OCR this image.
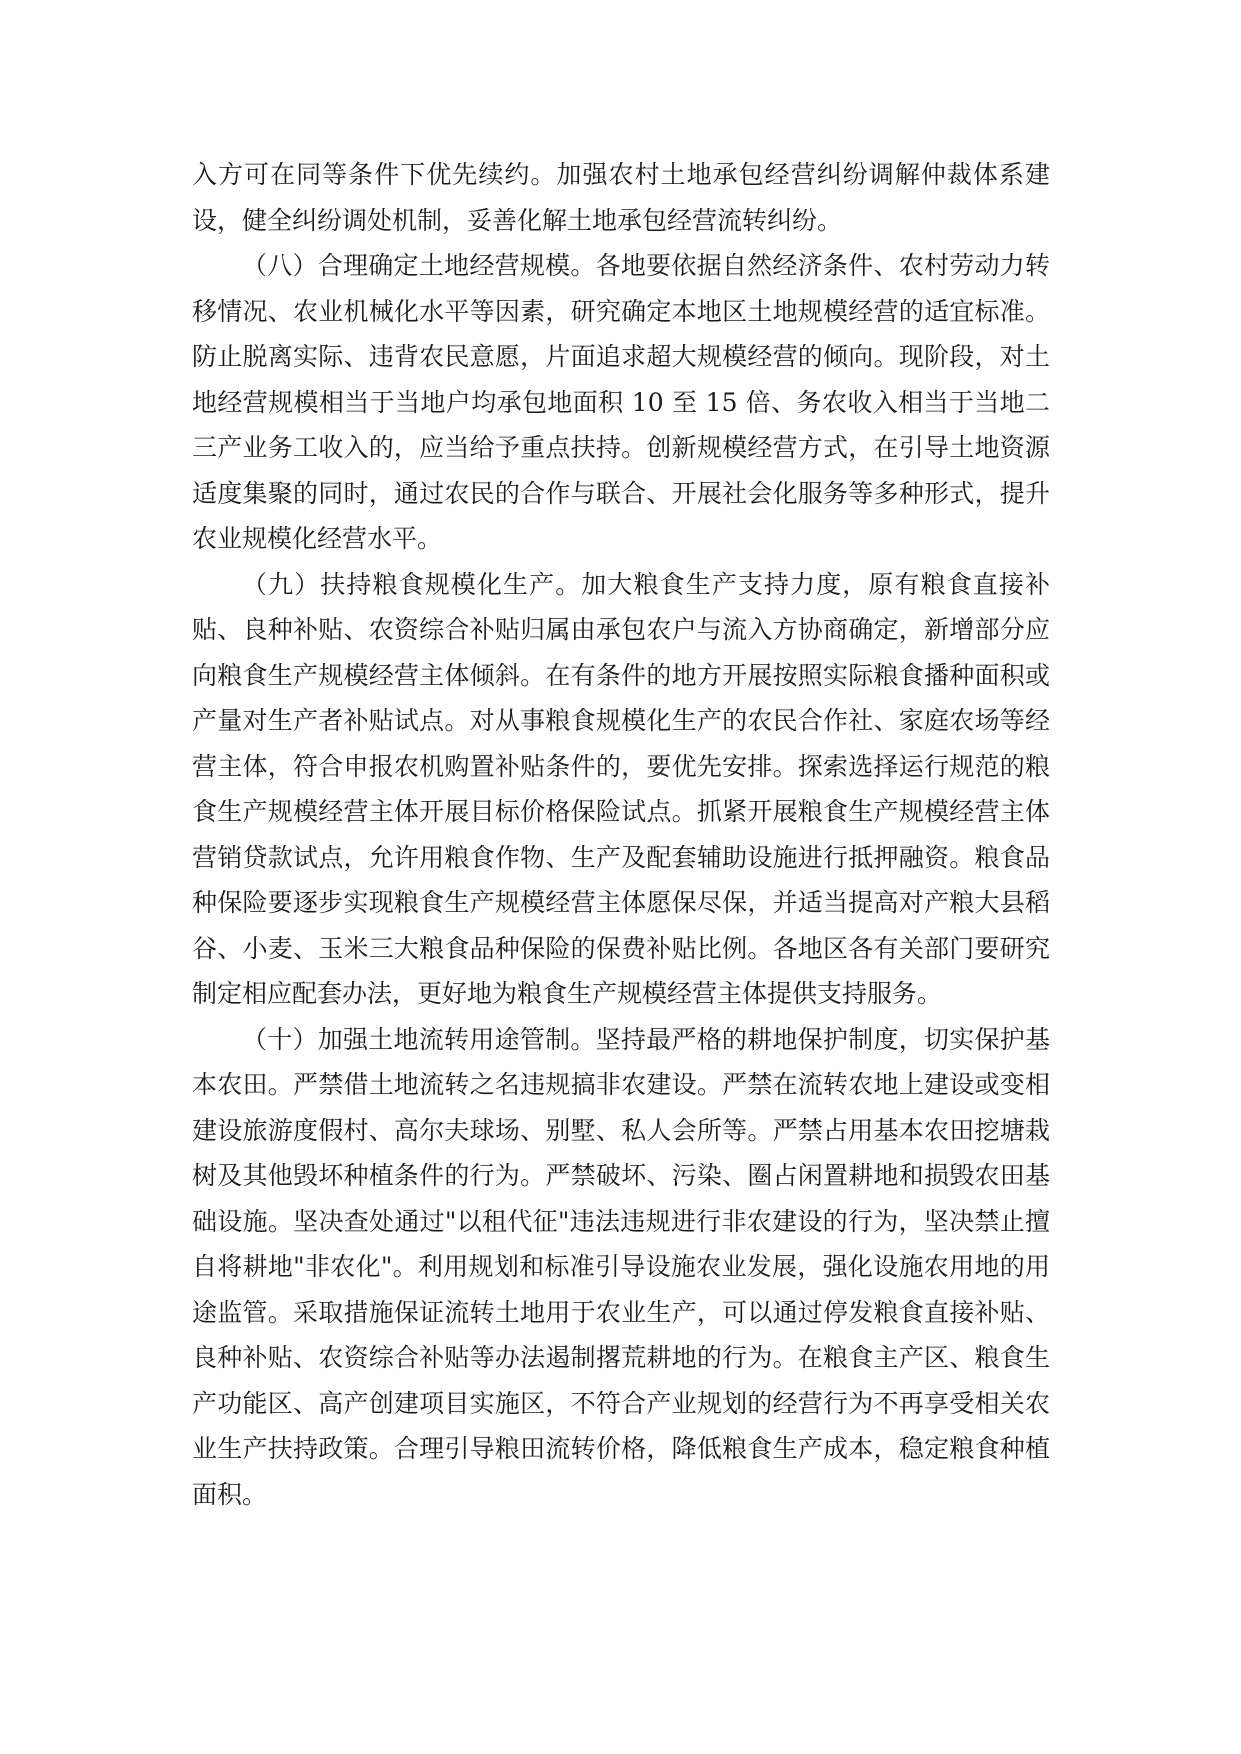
入方可在同等条件下优先续约。加强农村土地承包经营纠纷调解仲裁体系建设，健全纠纷调处机制，妥善化解土地承包经营流转纠纷。

（八）合理确定土地经营规模。各地要依据自然经济条件、农村劳动力转移情况、农业机械化水平等因素，研究确定本地区土地规模经营的适宜标准。防止脱离实际、违背农民意愿，片面追求超大规模经营的倾向。现阶段，对土地经营规模相当于当地户均承包地面积 10 至 15 倍、务农收入相当于当地二三产业务工收入的，应当给予重点扶持。创新规模经营方式，在引导土地资源适度集聚的同时，通过农民的合作与联合、开展社会化服务等多种形式，提升农业规模化经营水平。

（九）扶持粮食规模化生产。加大粮食生产支持力度，原有粮食直接补贴、良种补贴、农资综合补贴归属由承包农户与流入方协商确定，新增部分应向粮食生产规模经营主体倾斜。在有条件的地方开展按照实际粮食播种面积或产量对生产者补贴试点。对从事粮食规模化生产的农民合作社、家庭农场等经营主体，符合申报农机购置补贴条件的，要优先安排。探索选择运行规范的粮食生产规模经营主体开展目标价格保险试点。抓紧开展粮食生产规模经营主体营销贷款试点，允许用粮食作物、生产及配套辅助设施进行抵押融资。粮食品种保险要逐步实现粮食生产规模经营主体愿保尽保，并适当提高对产粮大县稻谷、小麦、玉米三大粮食品种保险的保费补贴比例。各地区各有关部门要研究制定相应配套办法，更好地为粮食生产规模经营主体提供支持服务。

（十）加强土地流转用途管制。坚持最严格的耕地保护制度，切实保护基本农田。严禁借土地流转之名违规搞非农建设。严禁在流转农地上建设或变相建设旅游度假村、高尔夫球场、别墅、私人会所等。严禁占用基本农田挖塘栽树及其他毁坏种植条件的行为。严禁破坏、污染、圈占闲置耕地和损毁农田基础设施。坚决查处通过"以租代征"违法违规进行非农建设的行为，坚决禁止擅自将耕地"非农化"。利用规划和标准引导设施农业发展，强化设施农用地的用途监管。采取措施保证流转土地用于农业生产，可以通过停发粮食直接补贴、良种补贴、农资综合补贴等办法遏制撂荒耕地的行为。在粮食主产区、粮食生产功能区、高产创建项目实施区，不符合产业规划的经营行为不再享受相关农业生产扶持政策。合理引导粮田流转价格，降低粮食生产成本，稳定粮食种植面积。
